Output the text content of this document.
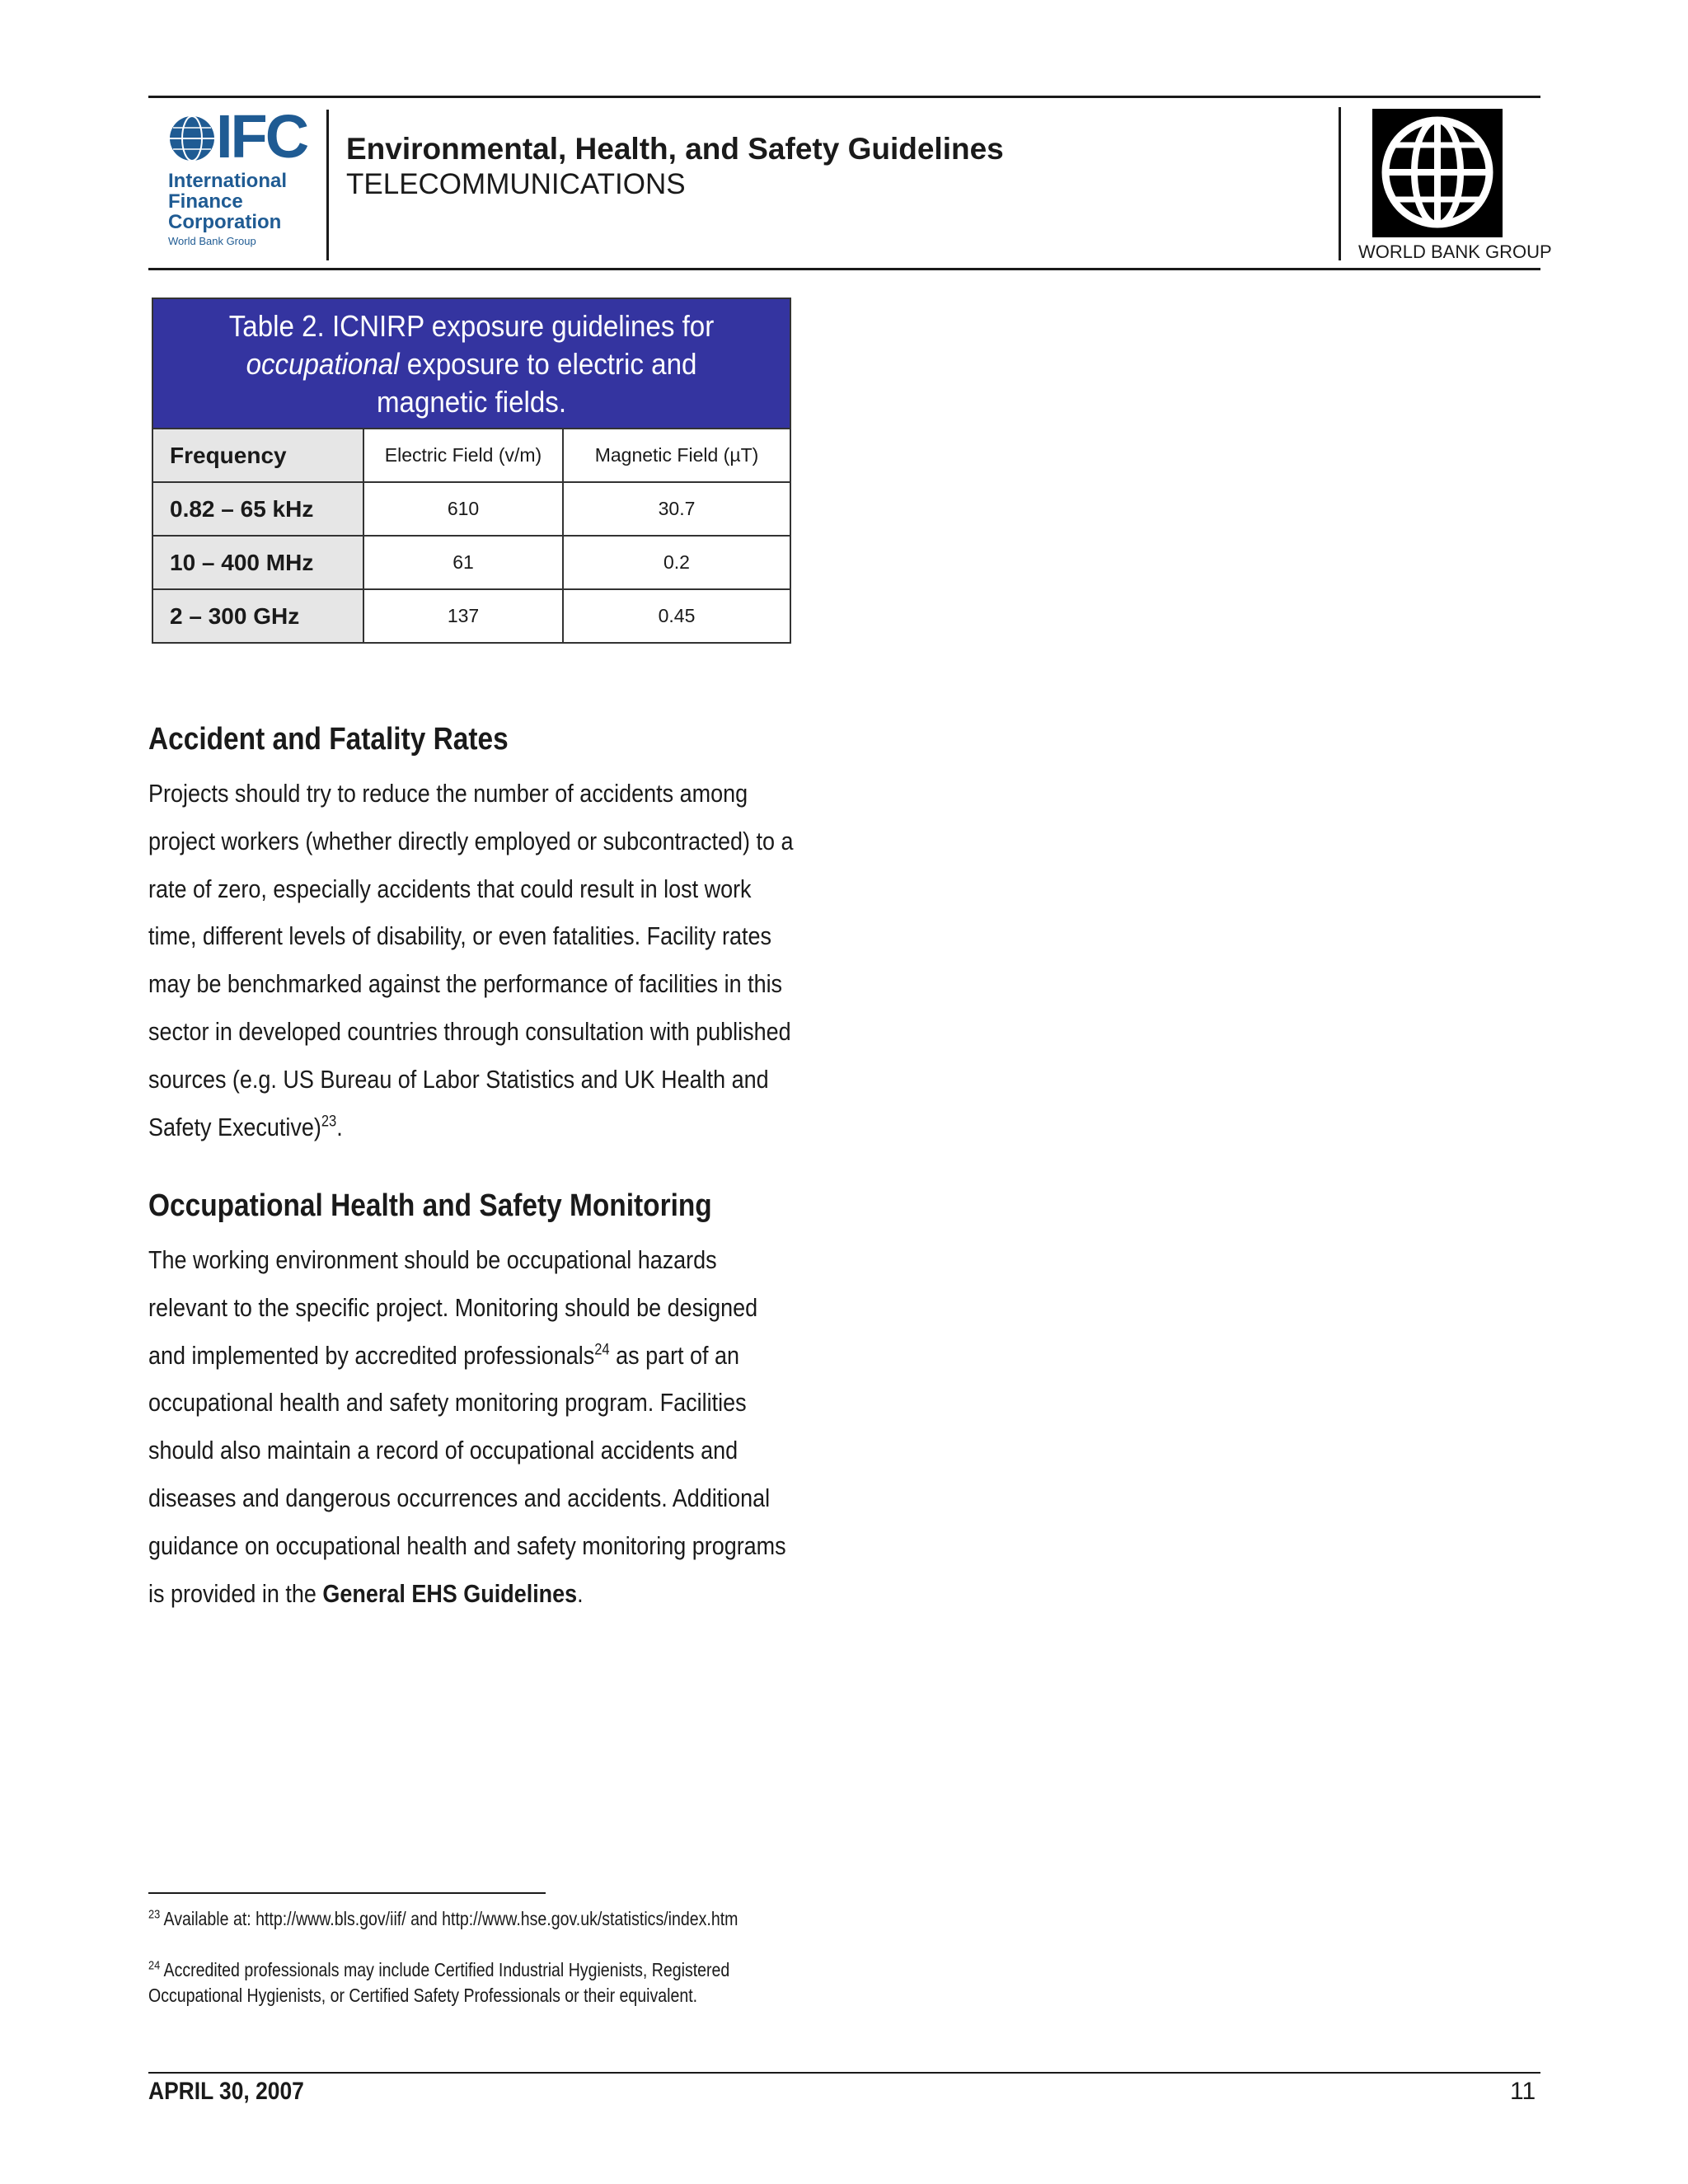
IFC
International
Finance
Corporation
World Bank Group
Environmental, Health, and Safety Guidelines
TELECOMMUNICATIONS
WORLD BANK GROUP
Table 2. ICNIRP exposure guidelines for
occupational exposure to electric and magnetic fields.
Frequency	Electric Field (v/m)	Magnetic Field (µT)
0.82 – 65 kHz	610	30.7
10 – 400 MHz	61	0.2
2 – 300 GHz	137	0.45
Accident and Fatality Rates
Projects should try to reduce the number of accidents among project workers (whether directly employed or subcontracted) to a rate of zero, especially accidents that could result in lost work time, different levels of disability, or even fatalities. Facility rates may be benchmarked against the performance of facilities in this sector in developed countries through consultation with published sources (e.g. US Bureau of Labor Statistics and UK Health and Safety Executive)$^{23}$.
Occupational Health and Safety Monitoring
The working environment should be occupational hazards relevant to the specific project. Monitoring should be designed and implemented by accredited professionals$^{24}$ as part of an occupational health and safety monitoring program. Facilities should also maintain a record of occupational accidents and diseases and dangerous occurrences and accidents. Additional guidance on occupational health and safety monitoring programs is provided in the General EHS Guidelines.
$^{23}$ Available at: http://www.bls.gov/iif/ and http://www.hse.gov.uk/statistics/index.htm
$^{24}$ Accredited professionals may include Certified Industrial Hygienists, Registered Occupational Hygienists, or Certified Safety Professionals or their equivalent.
APRIL 30, 2007	11
